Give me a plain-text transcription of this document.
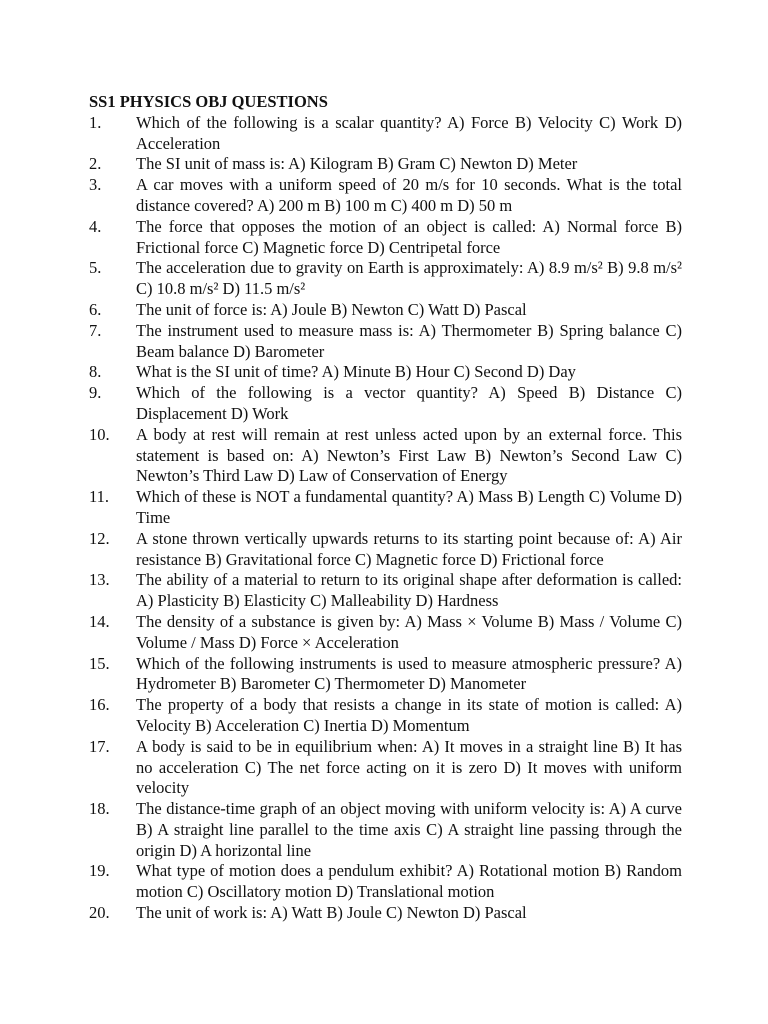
SS1 PHYSICS OBJ QUESTIONS
1.	Which of the following is a scalar quantity? A) Force B) Velocity C) Work D) Acceleration
2.	The SI unit of mass is: A) Kilogram B) Gram C) Newton D) Meter
3.	A car moves with a uniform speed of 20 m/s for 10 seconds. What is the total distance covered? A) 200 m B) 100 m C) 400 m D) 50 m
4.	The force that opposes the motion of an object is called: A) Normal force B) Frictional force C) Magnetic force D) Centripetal force
5.	The acceleration due to gravity on Earth is approximately: A) 8.9 m/s² B) 9.8 m/s² C) 10.8 m/s² D) 11.5 m/s²
6.	The unit of force is: A) Joule B) Newton C) Watt D) Pascal
7.	The instrument used to measure mass is: A) Thermometer B) Spring balance C) Beam balance D) Barometer
8.	What is the SI unit of time? A) Minute B) Hour C) Second D) Day
9.	Which of the following is a vector quantity? A) Speed B) Distance C) Displacement D) Work
10.	A body at rest will remain at rest unless acted upon by an external force. This statement is based on: A) Newton’s First Law B) Newton’s Second Law C) Newton’s Third Law D) Law of Conservation of Energy
11.	Which of these is NOT a fundamental quantity? A) Mass B) Length C) Volume D) Time
12.	A stone thrown vertically upwards returns to its starting point because of: A) Air resistance B) Gravitational force C) Magnetic force D) Frictional force
13.	The ability of a material to return to its original shape after deformation is called: A) Plasticity B) Elasticity C) Malleability D) Hardness
14.	The density of a substance is given by: A) Mass × Volume B) Mass / Volume C) Volume / Mass D) Force × Acceleration
15.	Which of the following instruments is used to measure atmospheric pressure? A) Hydrometer B) Barometer C) Thermometer D) Manometer
16.	The property of a body that resists a change in its state of motion is called: A) Velocity B) Acceleration C) Inertia D) Momentum
17.	A body is said to be in equilibrium when: A) It moves in a straight line B) It has no acceleration C) The net force acting on it is zero D) It moves with uniform velocity
18.	The distance-time graph of an object moving with uniform velocity is: A) A curve B) A straight line parallel to the time axis C) A straight line passing through the origin D) A horizontal line
19.	What type of motion does a pendulum exhibit? A) Rotational motion B) Random motion C) Oscillatory motion D) Translational motion
20.	The unit of work is: A) Watt B) Joule C) Newton D) Pascal
